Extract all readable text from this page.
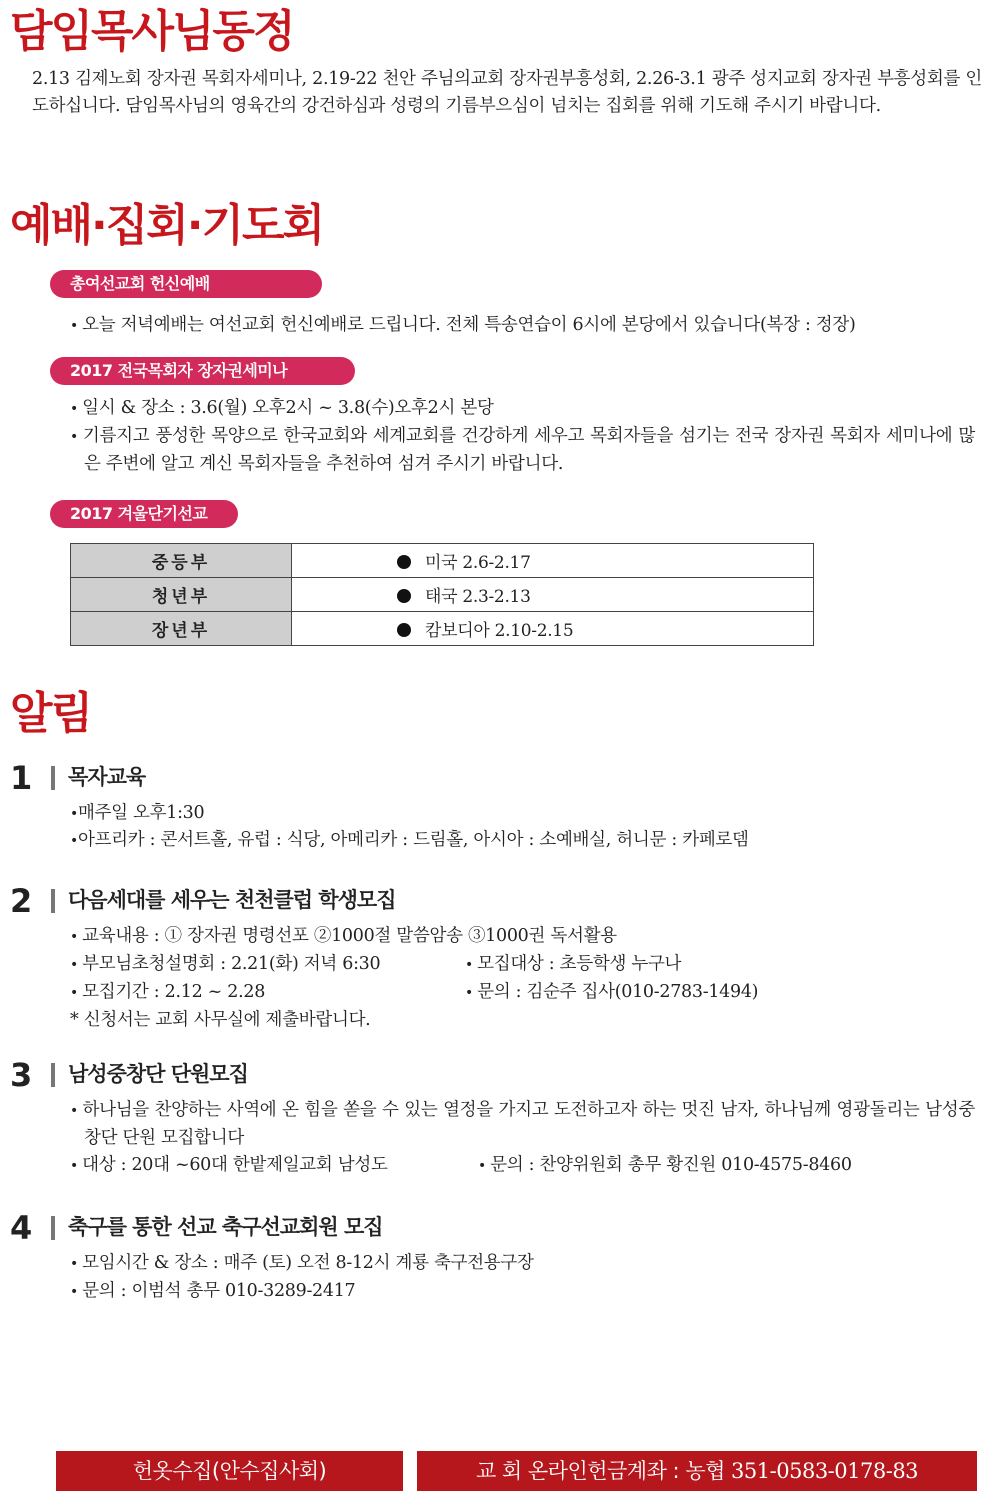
담임목사님동정

2.13 김제노회 장자권 목회자세미나, 2.19-22 천안 주님의교회 장자권부흥성회, 2.26-3.1 광주 성지교회 장자권 부흥성회를 인도하십니다. 담임목사님의 영육간의 강건하심과 성령의 기름부으심이 넘치는 집회를 위해 기도해 주시기 바랍니다.

예배·집회·기도회
총여선교회 헌신예배

• 오늘 저녁예배는 여선교회 헌신예배로 드립니다. 전체 특송연습이 6시에 본당에서 있습니다(복장 : 정장)

2017 전국목회자 장자권세미나

• 일시 & 장소 : 3.6(월) 오후2시 ~ 3.8(수)오후2시 본당

• 기름지고 풍성한 목양으로 한국교회와 세계교회를 건강하게 세우고 목회자들을 섬기는 전국 장자권 목회자 세미나에 많은 주변에 알고 계신 목회자들을 추천하여 섬겨 주시기 바랍니다.

2017 겨울단기선교
중등부	미국 2.6-2.17
청년부	태국 2.3-2.13
장년부	캄보디아 2.10-2.15
알림
1 목자교육

•매주일 오후1:30

•아프리카 : 콘서트홀, 유럽 : 식당, 아메리카 : 드림홀, 아시아 : 소예배실, 허니문 : 카페로뎀

2 다음세대를 세우는 천천클럽 학생모집

• 교육내용 : ① 장자권 명령선포 ②1000절 말씀암송 ③1000권 독서활용

• 부모님초청설명회 : 2.21(화) 저녁 6:30	• 모집대상 : 초등학생 누구나

• 모집기간 : 2.12 ~ 2.28	• 문의 : 김순주 집사(010-2783-1494)

* 신청서는 교회 사무실에 제출바랍니다.

3 남성중창단 단원모집

• 하나님을 찬양하는 사역에 온 힘을 쏟을 수 있는 열정을 가지고 도전하고자 하는 멋진 남자, 하나님께 영광돌리는 남성중창단 단원 모집합니다

• 대상 : 20대 ~60대 한밭제일교회 남성도	• 문의 : 찬양위원회 총무 황진원 010-4575-8460

4 축구를 통한 선교 축구선교회원 모집

• 모임시간 & 장소 : 매주 (토) 오전 8-12시 계룡 축구전용구장

• 문의 : 이범석 총무 010-3289-2417

헌옷수집(안수집사회)	교 회 온라인헌금계좌 : 농협 351-0583-0178-83
